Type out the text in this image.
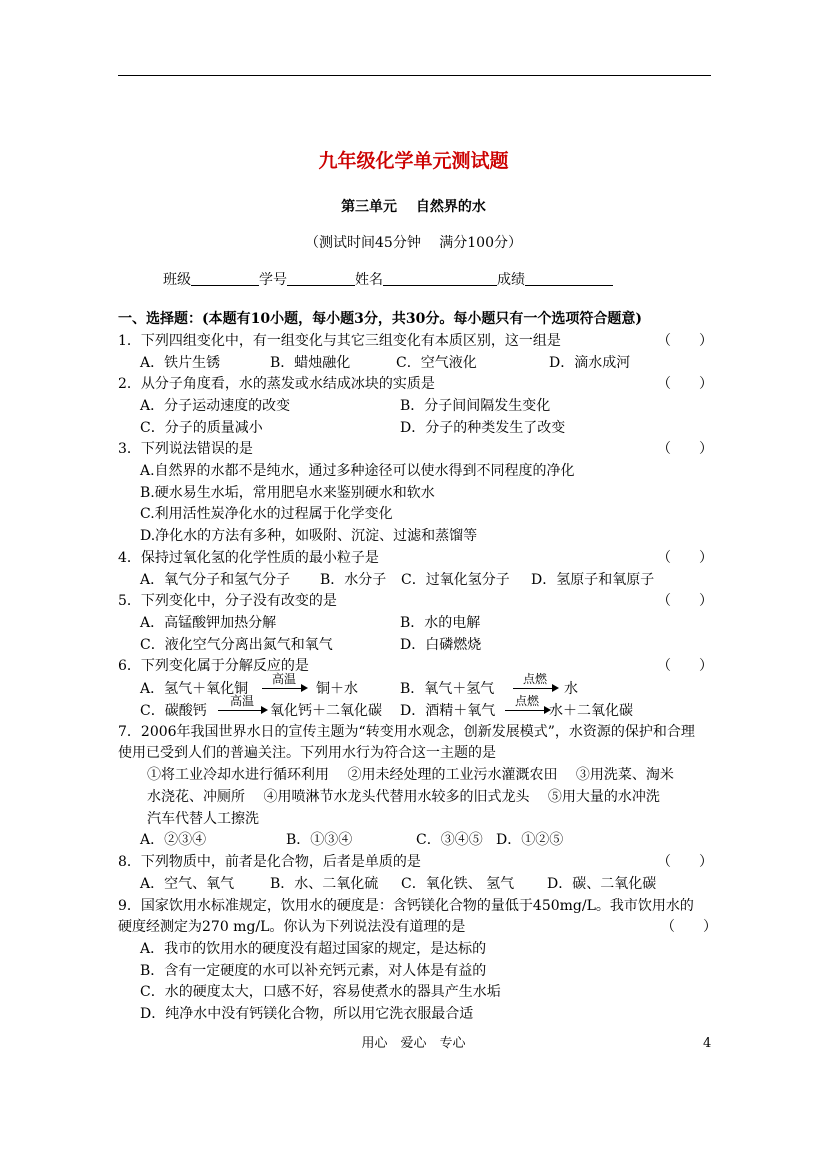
九年级化学单元测试题
第三单元　 自然界的水
（测试时间45分钟　 满分100分）
班级	学号	姓名	成绩
一、选择题：(本题有10小题，每小题3分，共30分。每小题只有一个选项符合题意)
1．下列四组变化中，有一组变化与其它三组变化有本质区别，这一组是	（　　）
A．铁片生锈	B．蜡烛融化	C．空气液化	D．滴水成河
2．从分子角度看，水的蒸发或水结成冰块的实质是	（　　）
A．分子运动速度的改变	B．分子间间隔发生变化
C．分子的质量减小	D．分子的种类发生了改变
3．下列说法错误的是	（　　）
A.自然界的水都不是纯水，通过多种途径可以使水得到不同程度的净化
B.硬水易生水垢，常用肥皂水来鉴别硬水和软水
C.利用活性炭净化水的过程属于化学变化
D.净化水的方法有多种，如吸附、沉淀、过滤和蒸馏等
4．保持过氧化氢的化学性质的最小粒子是	（　　）
A．氧气分子和氢气分子 B．水分子 C．过氧化氢分子 D．氢原子和氧原子
5．下列变化中，分子没有改变的是	（　　）
A．高锰酸钾加热分解	B．水的电解
C．液化空气分离出氮气和氧气	D．白磷燃烧
6．下列变化属于分解反应的是	（　　）
A．氢气＋氧化铜
高温
铜＋水	B．氧气＋氢气
点燃
水
C．碳酸钙
高温
氧化钙＋二氧化碳 D．酒精＋氧气
点燃
水＋二氧化碳
7．2006年我国世界水日的宣传主题为“转变用水观念，创新发展模式”，水资源的保护和合理
使用已受到人们的普遍关注。下列用水行为符合这一主题的是
①将工业冷却水进行循环利用　 ②用未经处理的工业污水灌溉农田　 ③用洗菜、淘米
水浇花、冲厕所　 ④用喷淋节水龙头代替用水较多的旧式龙头　 ⑤用大量的水冲洗
汽车代替人工擦洗
A．②③④	B．①③④	C．③④⑤ D．①②⑤
8．下列物质中，前者是化合物，后者是单质的是	（　　）
A．空气、氧气	B．水、二氧化硫 C．氧化铁、 氢气 D．碳、二氧化碳
9．国家饮用水标准规定，饮用水的硬度是：含钙镁化合物的量低于450mg/L。我市饮用水的
硬度经测定为270 mg/L。你认为下列说法没有道理的是	（　　）
A．我市的饮用水的硬度没有超过国家的规定，是达标的
B．含有一定硬度的水可以补充钙元素，对人体是有益的
C．水的硬度太大，口感不好，容易使煮水的器具产生水垢
D．纯净水中没有钙镁化合物，所以用它洗衣服最合适
用心　爱心　专心	4
